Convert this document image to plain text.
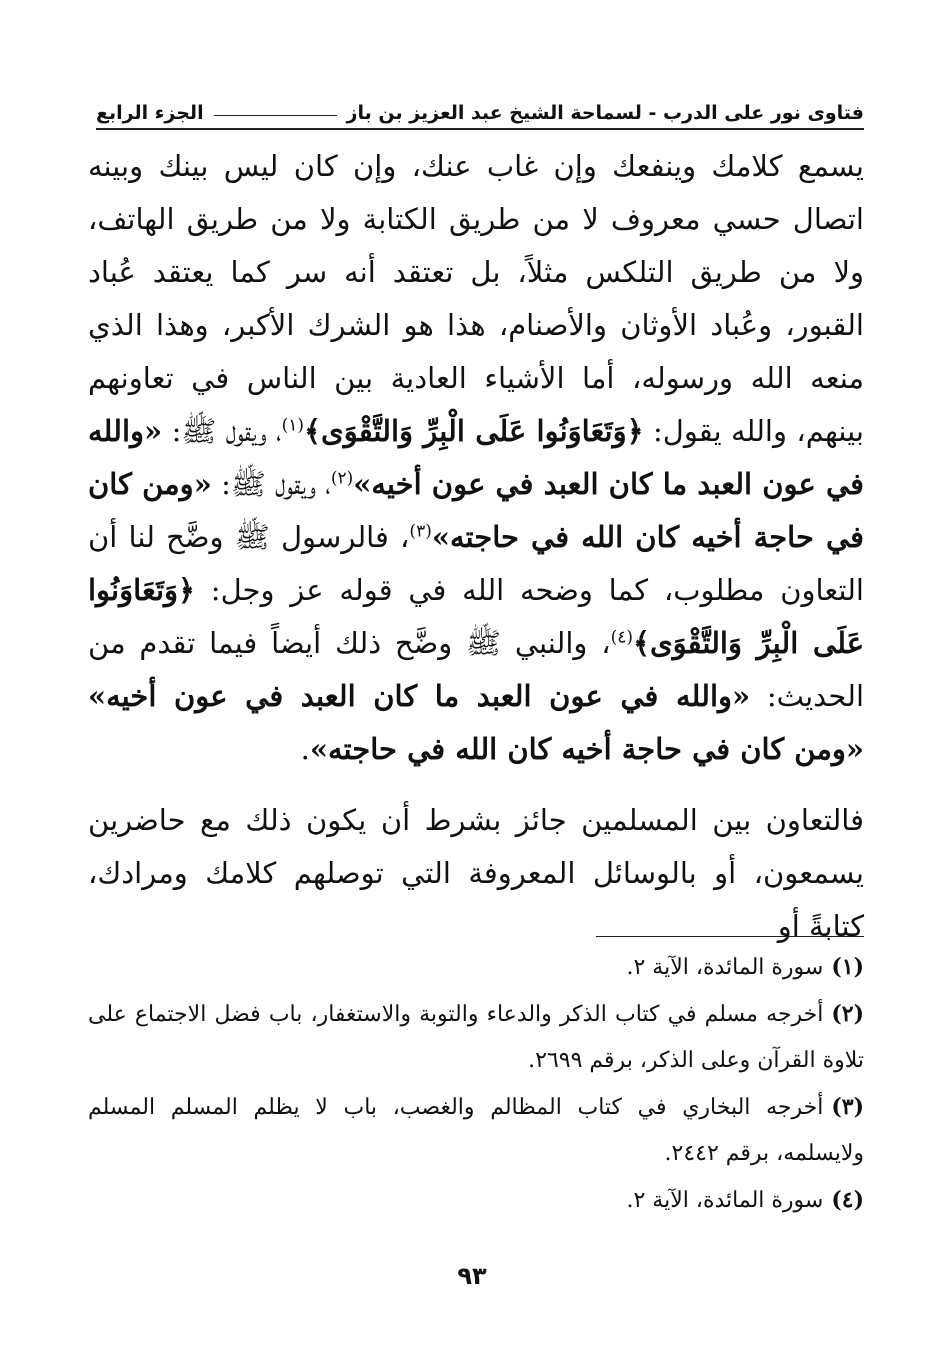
فتاوى نور على الدرب - لسماحة الشيخ عبد العزيز بن باز
الجزء الرابع

يسمع كلامك وينفعك وإن غاب عنك، وإن كان ليس بينك وبينه اتصال حسي معروف لا من طريق الكتابة ولا من طريق الهاتف، ولا من طريق التلكس مثلاً، بل تعتقد أنه سر كما يعتقد عُباد القبور، وعُباد الأوثان والأصنام، هذا هو الشرك الأكبر، وهذا الذي منعه الله ورسوله، أما الأشياء العادية بين الناس في تعاونهم بينهم، والله يقول: ﴿وَتَعَاوَنُوا عَلَى الْبِرِّ وَالتَّقْوَى﴾$^{(١)}$، ويقول ﷺ: «والله في عون العبد ما كان العبد في عون أخيه»$^{(٢)}$، ويقول ﷺ: «ومن كان في حاجة أخيه كان الله في حاجته»$^{(٣)}$، فالرسول ﷺ وضَّح لنا أن التعاون مطلوب، كما وضحه الله في قوله عز وجل: ﴿وَتَعَاوَنُوا عَلَى الْبِرِّ وَالتَّقْوَى﴾$^{(٤)}$، والنبي ﷺ وضَّح ذلك أيضاً فيما تقدم من الحديث: «والله في عون العبد ما كان العبد في عون أخيه» «ومن كان في حاجة أخيه كان الله في حاجته».

فالتعاون بين المسلمين جائز بشرط أن يكون ذلك مع حاضرين يسمعون، أو بالوسائل المعروفة التي توصلهم كلامك ومرادك، كتابةً أو

(١)سورة المائدة، الآية ٢.

(٢)أخرجه مسلم في كتاب الذكر والدعاء والتوبة والاستغفار، باب فضل الاجتماع على تلاوة القرآن وعلى الذكر، برقم ٢٦٩٩.

(٣)أخرجه البخاري في كتاب المظالم والغصب، باب لا يظلم المسلم المسلم ولايسلمه، برقم ٢٤٤٢.

(٤)سورة المائدة، الآية ٢.

٩٣
